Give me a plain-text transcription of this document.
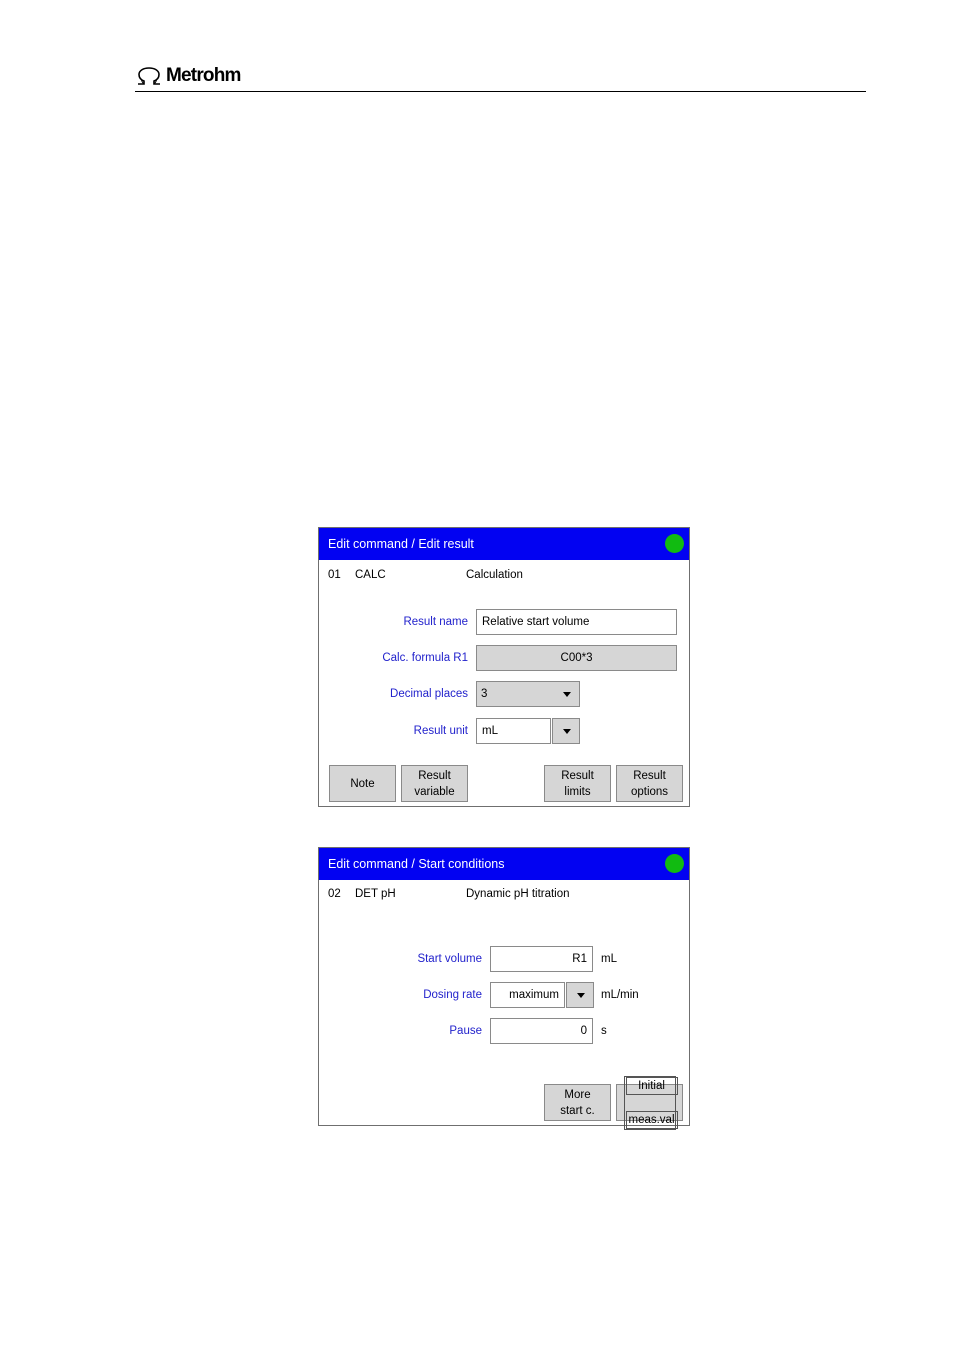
Metrohm
Edit command / Edit result
01 CALC	Calculation
Result name	Relative start volume
Calc. formula R1	C00*3
Decimal places	3
Result unit	mL
Note
Result
variable
Result
limits
Result
options
Edit command / Start conditions
02 DET pH	Dynamic pH titration
Start volume	R1	mL
Dosing rate	maximum	mL/min
Pause	0	s
More
start c.
Initial

meas.val
